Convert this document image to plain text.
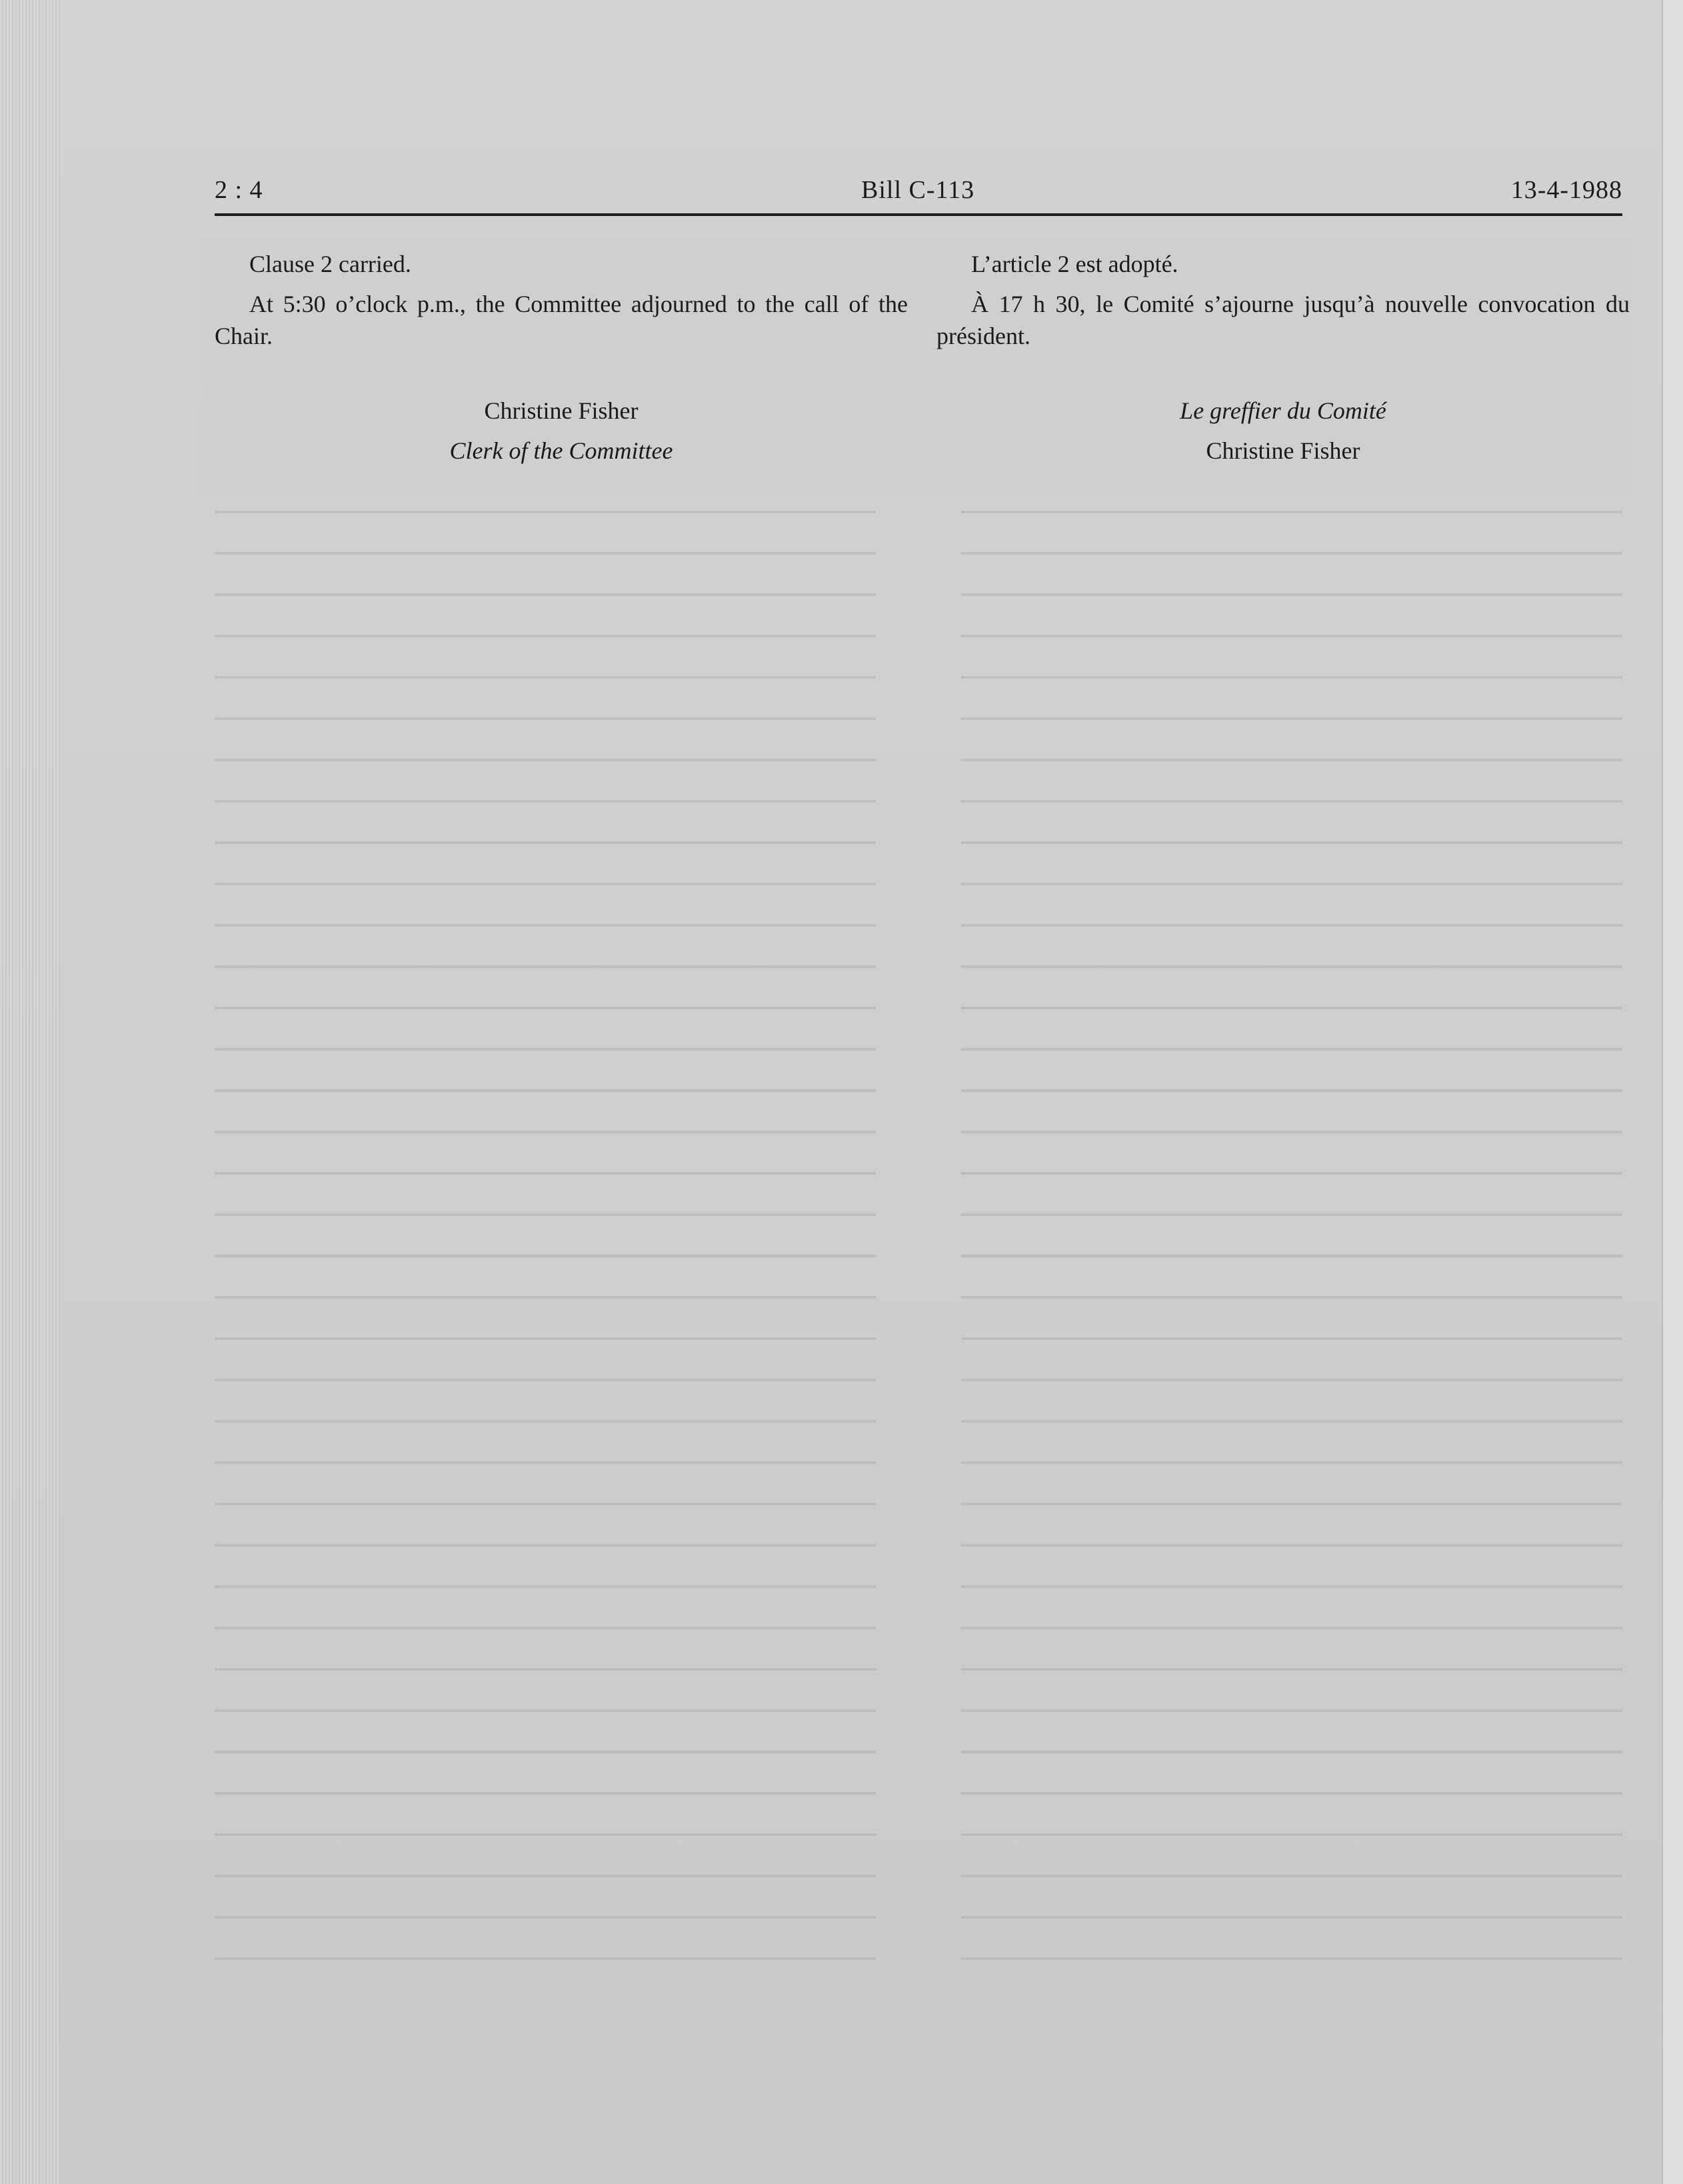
2 : 4	Bill C-113	13-4-1988

Clause 2 carried.

At 5:30 o’clock p.m., the Committee adjourned to the call of the Chair.

Christine Fisher
Clerk of the Committee

L’article 2 est adopté.

À 17 h 30, le Comité s’ajourne jusqu’à nouvelle convocation du président.

Le greffier du Comité
Christine Fisher
